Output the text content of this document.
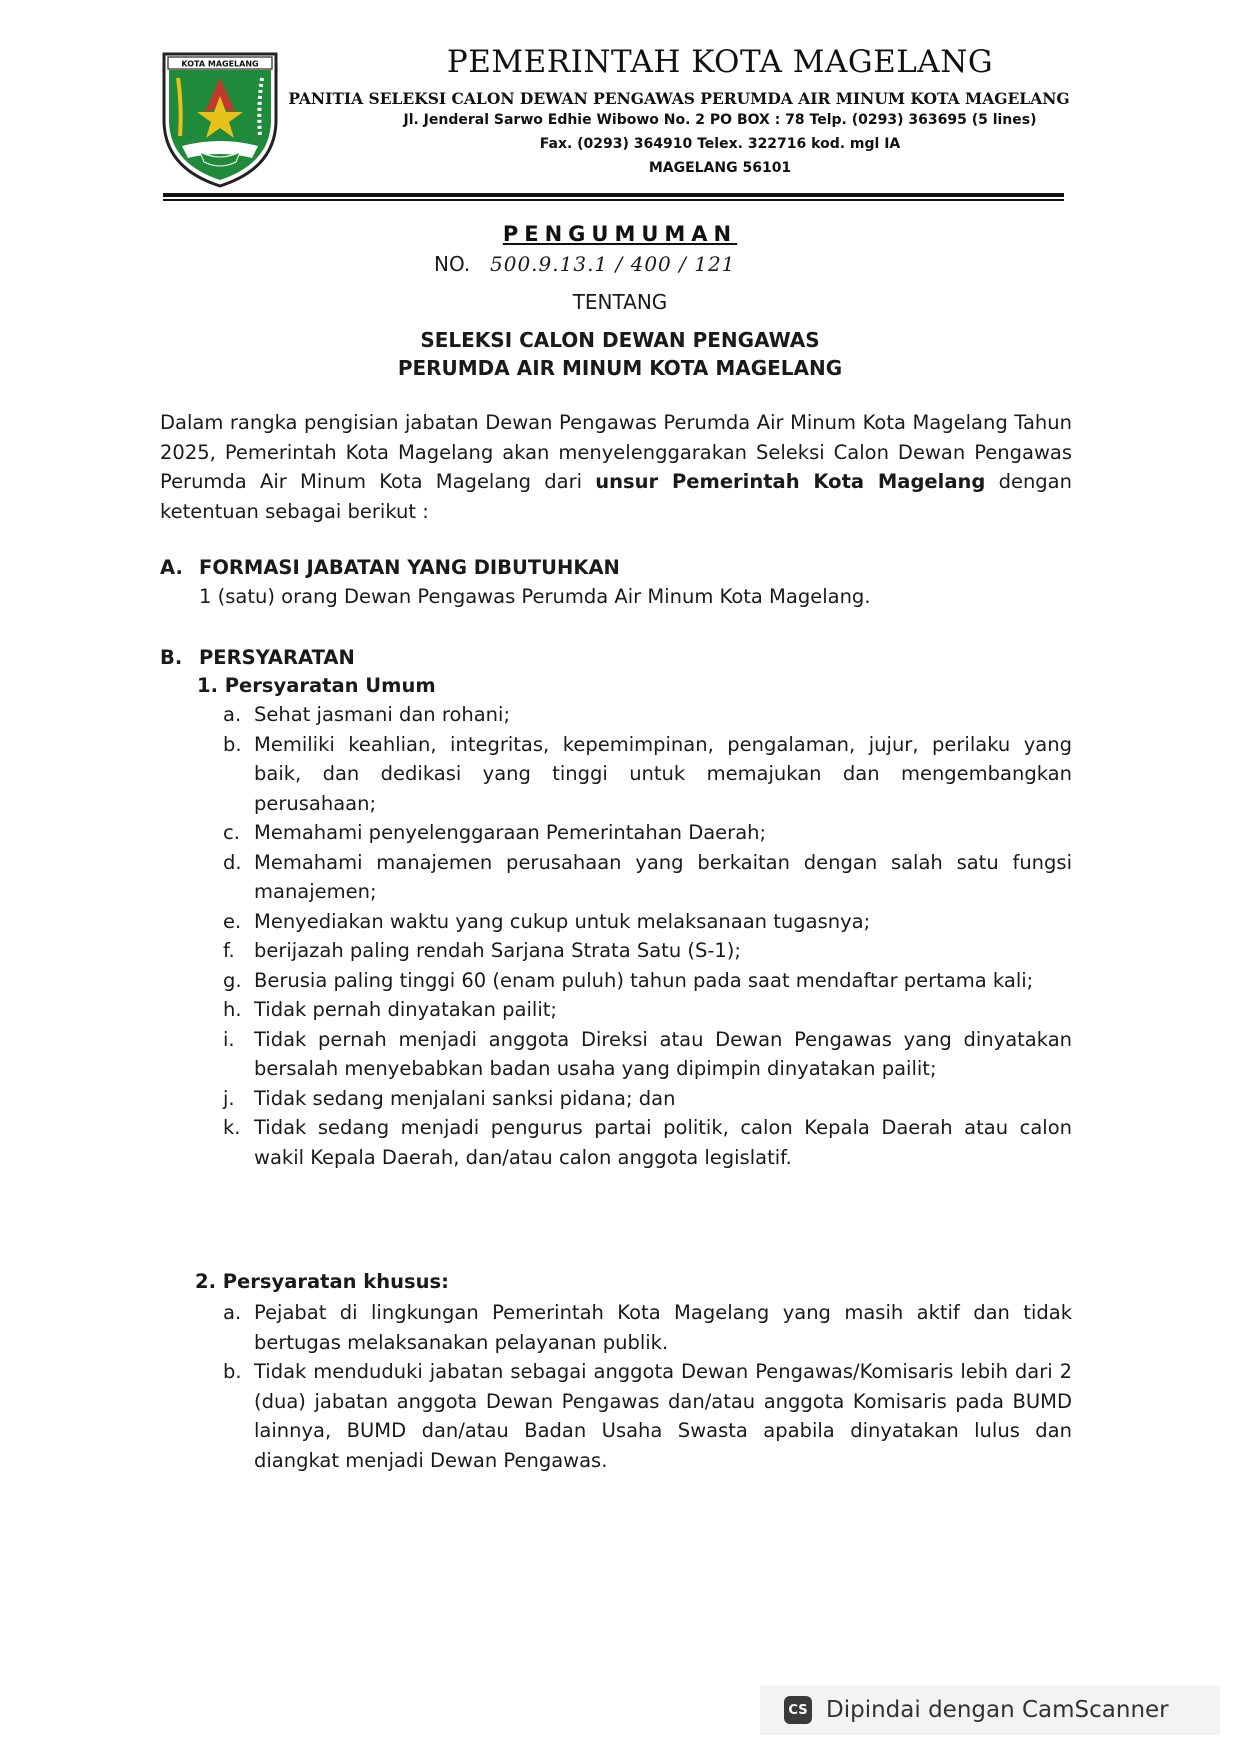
KOTA MAGELANG	PEMERINTAH KOTA MAGELANG
PANITIA SELEKSI CALON DEWAN PENGAWAS PERUMDA AIR MINUM KOTA MAGELANG
Jl. Jenderal Sarwo Edhie Wibowo No. 2 PO BOX : 78 Telp. (0293) 363695 (5 lines)
Fax. (0293) 364910 Telex. 322716 kod. mgl IA
MAGELANG 56101
PENGUMUMAN
NO. 500.9.13.1 / 400 / 121
TENTANG
SELEKSI CALON DEWAN PENGAWAS
PERUMDA AIR MINUM KOTA MAGELANG

Dalam rangka pengisian jabatan Dewan Pengawas Perumda Air Minum Kota Magelang Tahun 2025, Pemerintah Kota Magelang akan menyelenggarakan Seleksi Calon Dewan Pengawas Perumda Air Minum Kota Magelang dari unsur Pemerintah Kota Magelang dengan ketentuan sebagai berikut :

A. FORMASI JABATAN YANG DIBUTUHKAN
1 (satu) orang Dewan Pengawas Perumda Air Minum Kota Magelang.
B. PERSYARATAN
1. Persyaratan Umum
a. Sehat jasmani dan rohani;
b. Memiliki keahlian, integritas, kepemimpinan, pengalaman, jujur, perilaku yang baik, dan dedikasi yang tinggi untuk memajukan dan mengembangkan perusahaan;
c. Memahami penyelenggaraan Pemerintahan Daerah;
d. Memahami manajemen perusahaan yang berkaitan dengan salah satu fungsi manajemen;
e. Menyediakan waktu yang cukup untuk melaksanaan tugasnya;
f. berijazah paling rendah Sarjana Strata Satu (S-1);
g. Berusia paling tinggi 60 (enam puluh) tahun pada saat mendaftar pertama kali;
h. Tidak pernah dinyatakan pailit;
i. Tidak pernah menjadi anggota Direksi atau Dewan Pengawas yang dinyatakan bersalah menyebabkan badan usaha yang dipimpin dinyatakan pailit;
j. Tidak sedang menjalani sanksi pidana; dan
k. Tidak sedang menjadi pengurus partai politik, calon Kepala Daerah atau calon wakil Kepala Daerah, dan/atau calon anggota legislatif.
2. Persyaratan khusus:
a. Pejabat di lingkungan Pemerintah Kota Magelang yang masih aktif dan tidak bertugas melaksanakan pelayanan publik.
b. Tidak menduduki jabatan sebagai anggota Dewan Pengawas/Komisaris lebih dari 2 (dua) jabatan anggota Dewan Pengawas dan/atau anggota Komisaris pada BUMD lainnya, BUMD dan/atau Badan Usaha Swasta apabila dinyatakan lulus dan diangkat menjadi Dewan Pengawas.
CS Dipindai dengan CamScanner
